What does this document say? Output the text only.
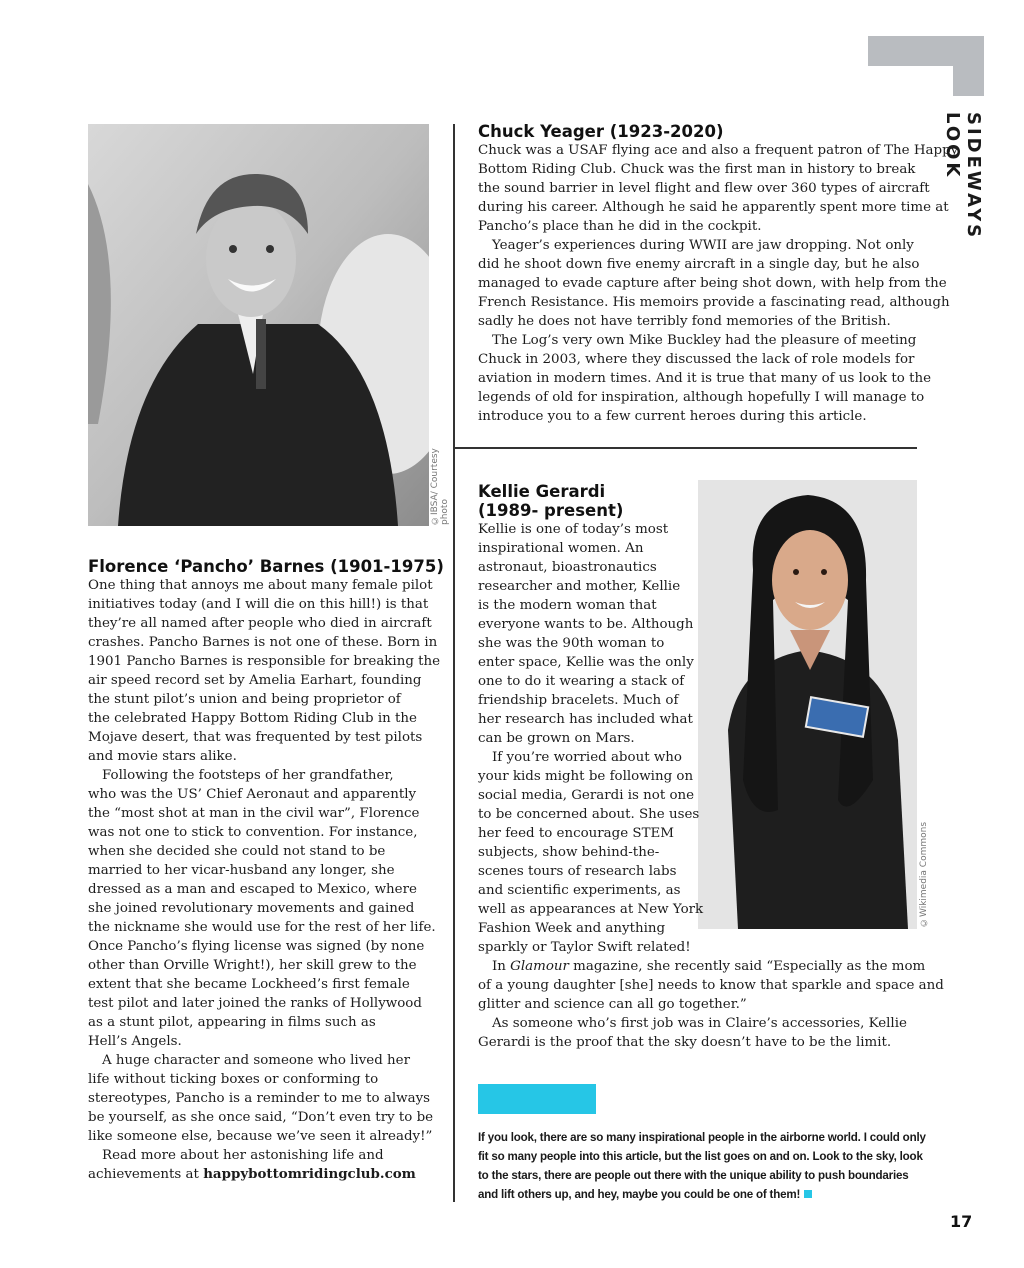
SIDEWAYS LOOK
©IBSA/ Courtesy photo
Chuck Yeager (1923-2020)

Chuck was a USAF flying ace and also a frequent patron of The Happy
Bottom Riding Club. Chuck was the first man in history to break
the sound barrier in level flight and flew over 360 types of aircraft
during his career. Although he said he apparently spent more time at
Pancho’s place than he did in the cockpit.

Yeager’s experiences during WWII are jaw dropping. Not only
did he shoot down five enemy aircraft in a single day, but he also
managed to evade capture after being shot down, with help from the
French Resistance. His memoirs provide a fascinating read, although
sadly he does not have terribly fond memories of the British.

The Log’s very own Mike Buckley had the pleasure of meeting
Chuck in 2003, where they discussed the lack of role models for
aviation in modern times. And it is true that many of us look to the
legends of old for inspiration, although hopefully I will manage to
introduce you to a few current heroes during this article.

Florence ‘Pancho’ Barnes (1901-1975)

One thing that annoys me about many female pilot
initiatives today (and I will die on this hill!) is that
they’re all named after people who died in aircraft
crashes. Pancho Barnes is not one of these. Born in
1901 Pancho Barnes is responsible for breaking the
air speed record set by Amelia Earhart, founding
the stunt pilot’s union and being proprietor of
the celebrated Happy Bottom Riding Club in the
Mojave desert, that was frequented by test pilots
and movie stars alike.

Following the footsteps of her grandfather,
who was the US’ Chief Aeronaut and apparently
the “most shot at man in the civil war”, Florence
was not one to stick to convention. For instance,
when she decided she could not stand to be
married to her vicar-husband any longer, she
dressed as a man and escaped to Mexico, where
she joined revolutionary movements and gained
the nickname she would use for the rest of her life.
Once Pancho’s flying license was signed (by none
other than Orville Wright!), her skill grew to the
extent that she became Lockheed’s first female
test pilot and later joined the ranks of Hollywood
as a stunt pilot, appearing in films such as
Hell’s Angels.

A huge character and someone who lived her
life without ticking boxes or conforming to
stereotypes, Pancho is a reminder to me to always
be yourself, as she once said, “Don’t even try to be
like someone else, because we’ve seen it already!”

Read more about her astonishing life and
achievements at happybottomridingclub.com

©Wikimedia Commons
Kellie Gerardi
(1989- present)

Kellie is one of today’s most
inspirational women. An
astronaut, bioastronautics
researcher and mother, Kellie
is the modern woman that
everyone wants to be. Although
she was the 90th woman to
enter space, Kellie was the only
one to do it wearing a stack of
friendship bracelets. Much of
her research has included what
can be grown on Mars.

If you’re worried about who
your kids might be following on
social media, Gerardi is not one
to be concerned about. She uses
her feed to encourage STEM
subjects, show behind-the-
scenes tours of research labs
and scientific experiments, as
well as appearances at New York
Fashion Week and anything
sparkly or Taylor Swift related!

In Glamour magazine, she recently said “Especially as the mom
of a young daughter [she] needs to know that sparkle and space and
glitter and science can all go together.”

As someone who’s first job was in Claire’s accessories, Kellie
Gerardi is the proof that the sky doesn’t have to be the limit.

If you look, there are so many inspirational people in the airborne world. I could only
fit so many people into this article, but the list goes on and on. Look to the sky, look
to the stars, there are people out there with the unique ability to push boundaries
and lift others up, and hey, maybe you could be one of them!
17
